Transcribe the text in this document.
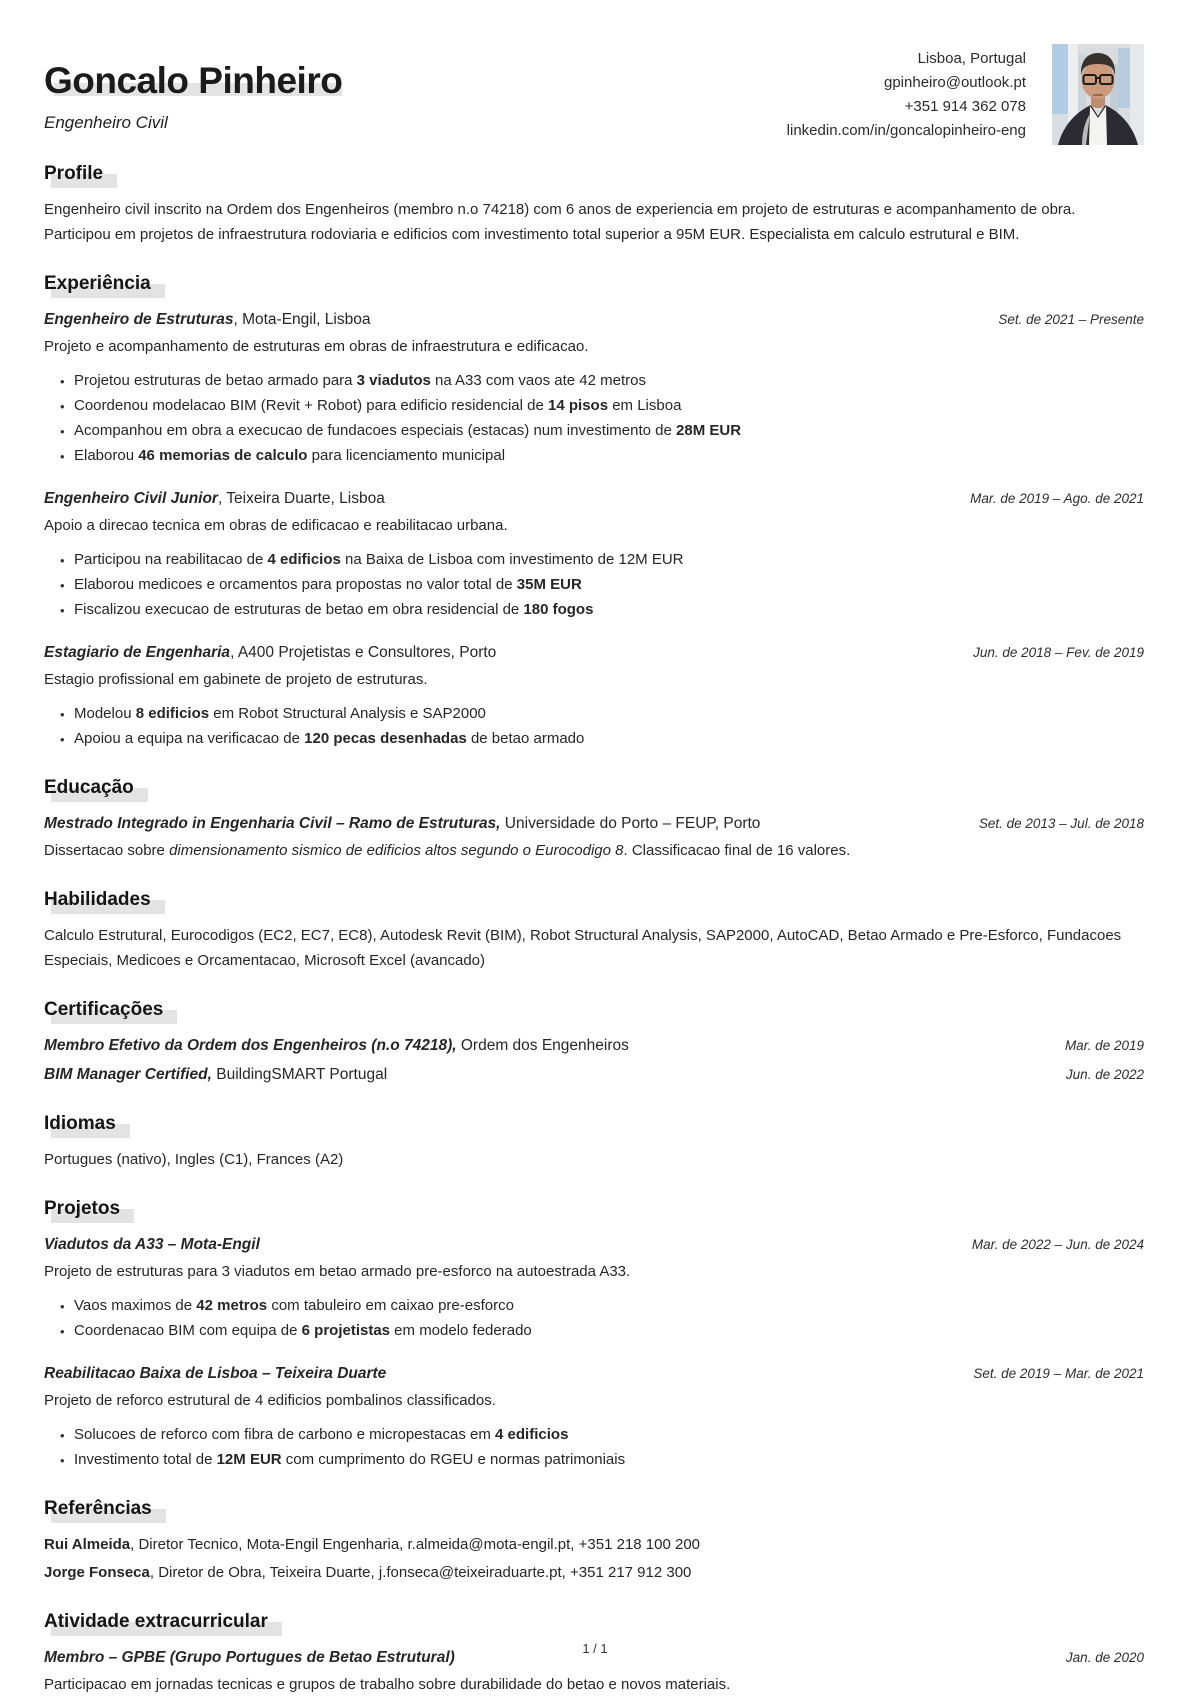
Goncalo Pinheiro
Engenheiro Civil
Lisboa, Portugal
gpinheiro@outlook.pt
+351 914 362 078
linkedin.com/in/goncalopinheiro-eng
Profile

Engenheiro civil inscrito na Ordem dos Engenheiros (membro n.o 74218) com 6 anos de experiencia em projeto de estruturas e acompanhamento de obra. Participou em projetos de infraestrutura rodoviaria e edificios com investimento total superior a 95M EUR. Especialista em calculo estrutural e BIM.

Experiência
Engenheiro de Estruturas, Mota-Engil, Lisboa	Set. de 2021 – Presente
Projeto e acompanhamento de estruturas em obras de infraestrutura e edificacao.
• Projetou estruturas de betao armado para 3 viadutos na A33 com vaos ate 42 metros
• Coordenou modelacao BIM (Revit + Robot) para edificio residencial de 14 pisos em Lisboa
• Acompanhou em obra a execucao de fundacoes especiais (estacas) num investimento de 28M EUR
• Elaborou 46 memorias de calculo para licenciamento municipal
Engenheiro Civil Junior, Teixeira Duarte, Lisboa	Mar. de 2019 – Ago. de 2021
Apoio a direcao tecnica em obras de edificacao e reabilitacao urbana.
• Participou na reabilitacao de 4 edificios na Baixa de Lisboa com investimento de 12M EUR
• Elaborou medicoes e orcamentos para propostas no valor total de 35M EUR
• Fiscalizou execucao de estruturas de betao em obra residencial de 180 fogos
Estagiario de Engenharia, A400 Projetistas e Consultores, Porto	Jun. de 2018 – Fev. de 2019
Estagio profissional em gabinete de projeto de estruturas.
• Modelou 8 edificios em Robot Structural Analysis e SAP2000
• Apoiou a equipa na verificacao de 120 pecas desenhadas de betao armado
Educação
Mestrado Integrado in Engenharia Civil – Ramo de Estruturas, Universidade do Porto – FEUP, Porto	Set. de 2013 – Jul. de 2018
Dissertacao sobre dimensionamento sismico de edificios altos segundo o Eurocodigo 8. Classificacao final de 16 valores.
Habilidades

Calculo Estrutural, Eurocodigos (EC2, EC7, EC8), Autodesk Revit (BIM), Robot Structural Analysis, SAP2000, AutoCAD, Betao Armado e Pre-Esforco, Fundacoes Especiais, Medicoes e Orcamentacao, Microsoft Excel (avancado)

Certificações
Membro Efetivo da Ordem dos Engenheiros (n.o 74218), Ordem dos Engenheiros	Mar. de 2019
BIM Manager Certified, BuildingSMART Portugal	Jun. de 2022
Idiomas

Portugues (nativo), Ingles (C1), Frances (A2)

Projetos
Viadutos da A33 – Mota-Engil	Mar. de 2022 – Jun. de 2024
Projeto de estruturas para 3 viadutos em betao armado pre-esforco na autoestrada A33.
• Vaos maximos de 42 metros com tabuleiro em caixao pre-esforco
• Coordenacao BIM com equipa de 6 projetistas em modelo federado
Reabilitacao Baixa de Lisboa – Teixeira Duarte	Set. de 2019 – Mar. de 2021
Projeto de reforco estrutural de 4 edificios pombalinos classificados.
• Solucoes de reforco com fibra de carbono e micropestacas em 4 edificios
• Investimento total de 12M EUR com cumprimento do RGEU e normas patrimoniais
Referências

Rui Almeida, Diretor Tecnico, Mota-Engil Engenharia, r.almeida@mota-engil.pt, +351 218 100 200

Jorge Fonseca, Diretor de Obra, Teixeira Duarte, j.fonseca@teixeiraduarte.pt, +351 217 912 300

Atividade extracurricular
Membro – GPBE (Grupo Portugues de Betao Estrutural)	Jan. de 2020
Participacao em jornadas tecnicas e grupos de trabalho sobre durabilidade do betao e novos materiais.
1 / 1
